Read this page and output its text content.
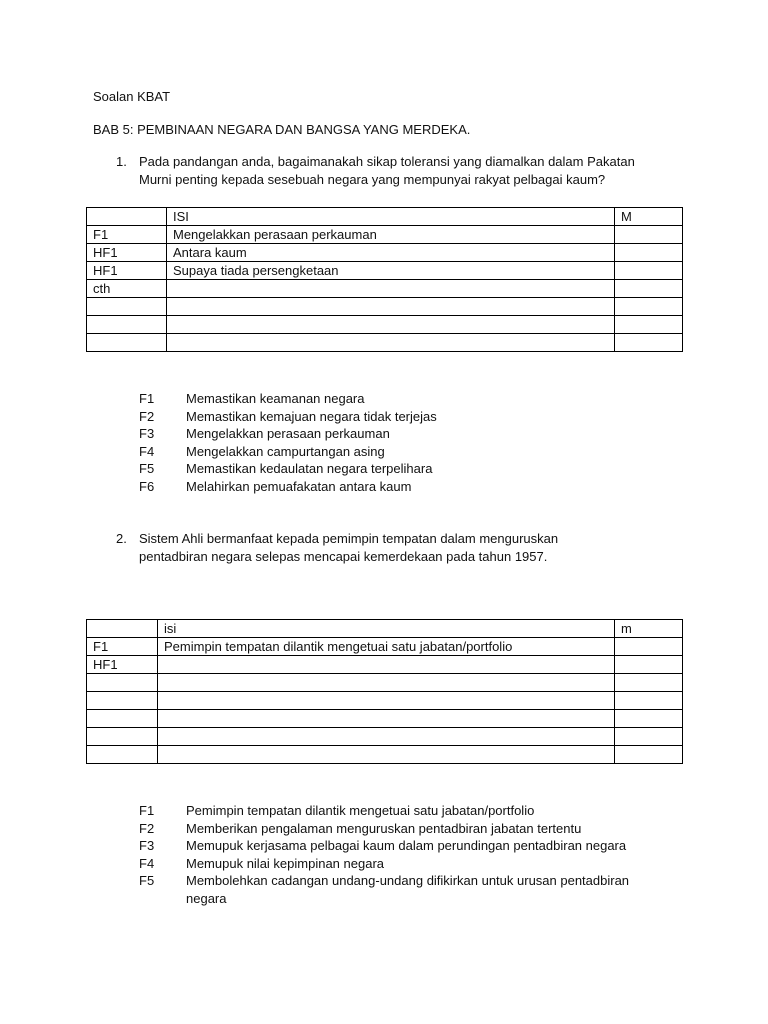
Soalan KBAT
BAB 5: PEMBINAAN NEGARA DAN BANGSA YANG MERDEKA.
1. Pada pandangan anda, bagaimanakah sikap toleransi yang diamalkan dalam Pakatan
Murni penting kepada sesebuah negara yang mempunyai rakyat pelbagai kaum?
	ISI	M
F1	Mengelakkan perasaan perkauman	
HF1	Antara kaum	
HF1	Supaya tiada persengketaan	
cth		

F1 Memastikan keamanan negara
F2 Memastikan kemajuan negara tidak terjejas
F3 Mengelakkan perasaan perkauman
F4 Mengelakkan campurtangan asing
F5 Memastikan kedaulatan negara terpelihara
F6 Melahirkan pemuafakatan antara kaum
2. Sistem Ahli bermanfaat kepada pemimpin tempatan dalam menguruskan
pentadbiran negara selepas mencapai kemerdekaan pada tahun 1957.
	isi	m
F1	Pemimpin tempatan dilantik mengetuai satu jabatan/portfolio	
HF1		

F1 Pemimpin tempatan dilantik mengetuai satu jabatan/portfolio
F2 Memberikan pengalaman menguruskan pentadbiran jabatan tertentu
F3 Memupuk kerjasama pelbagai kaum dalam perundingan pentadbiran negara
F4 Memupuk nilai kepimpinan negara
F5 Membolehkan cadangan undang-undang difikirkan untuk urusan pentadbiran
negara
